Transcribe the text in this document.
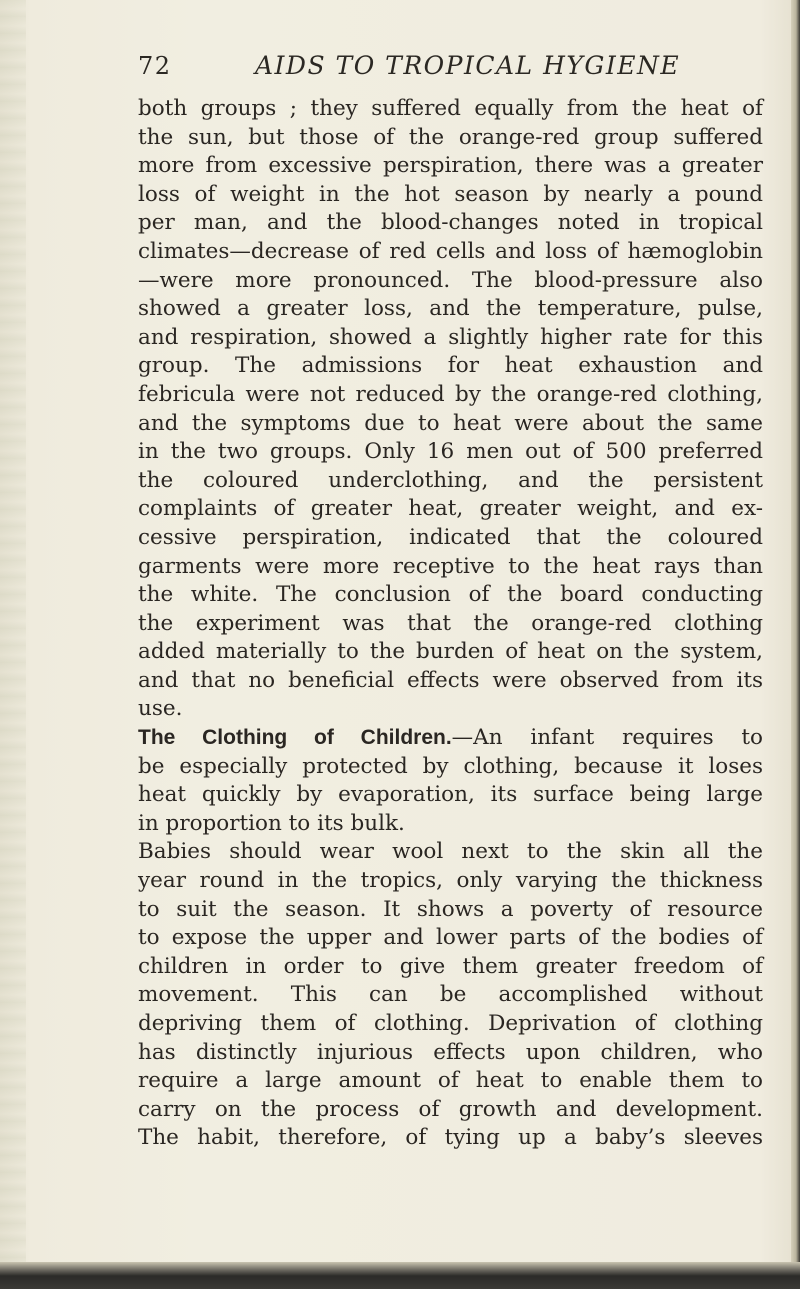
72	AIDS TO TROPICAL HYGIENE
both groups ; they suffered equally from the heat of
the sun, but those of the orange-red group suffered
more from excessive perspiration, there was a greater
loss of weight in the hot season by nearly a pound
per man, and the blood-changes noted in tropical
climates—decrease of red cells and loss of hæmoglobin
—were more pronounced. The blood-pressure also
showed a greater loss, and the temperature, pulse,
and respiration, showed a slightly higher rate for this
group. The admissions for heat exhaustion and
febricula were not reduced by the orange-red clothing,
and the symptoms due to heat were about the same
in the two groups. Only 16 men out of 500 preferred
the coloured underclothing, and the persistent
complaints of greater heat, greater weight, and ex-
cessive perspiration, indicated that the coloured
garments were more receptive to the heat rays than
the white. The conclusion of the board conducting
the experiment was that the orange-red clothing
added materially to the burden of heat on the system,
and that no beneficial effects were observed from its
use.
The Clothing of Children.—An infant requires to
be especially protected by clothing, because it loses
heat quickly by evaporation, its surface being large
in proportion to its bulk.
Babies should wear wool next to the skin all the
year round in the tropics, only varying the thickness
to suit the season. It shows a poverty of resource
to expose the upper and lower parts of the bodies of
children in order to give them greater freedom of
movement. This can be accomplished without
depriving them of clothing. Deprivation of clothing
has distinctly injurious effects upon children, who
require a large amount of heat to enable them to
carry on the process of growth and development.
The habit, therefore, of tying up a baby’s sleeves
